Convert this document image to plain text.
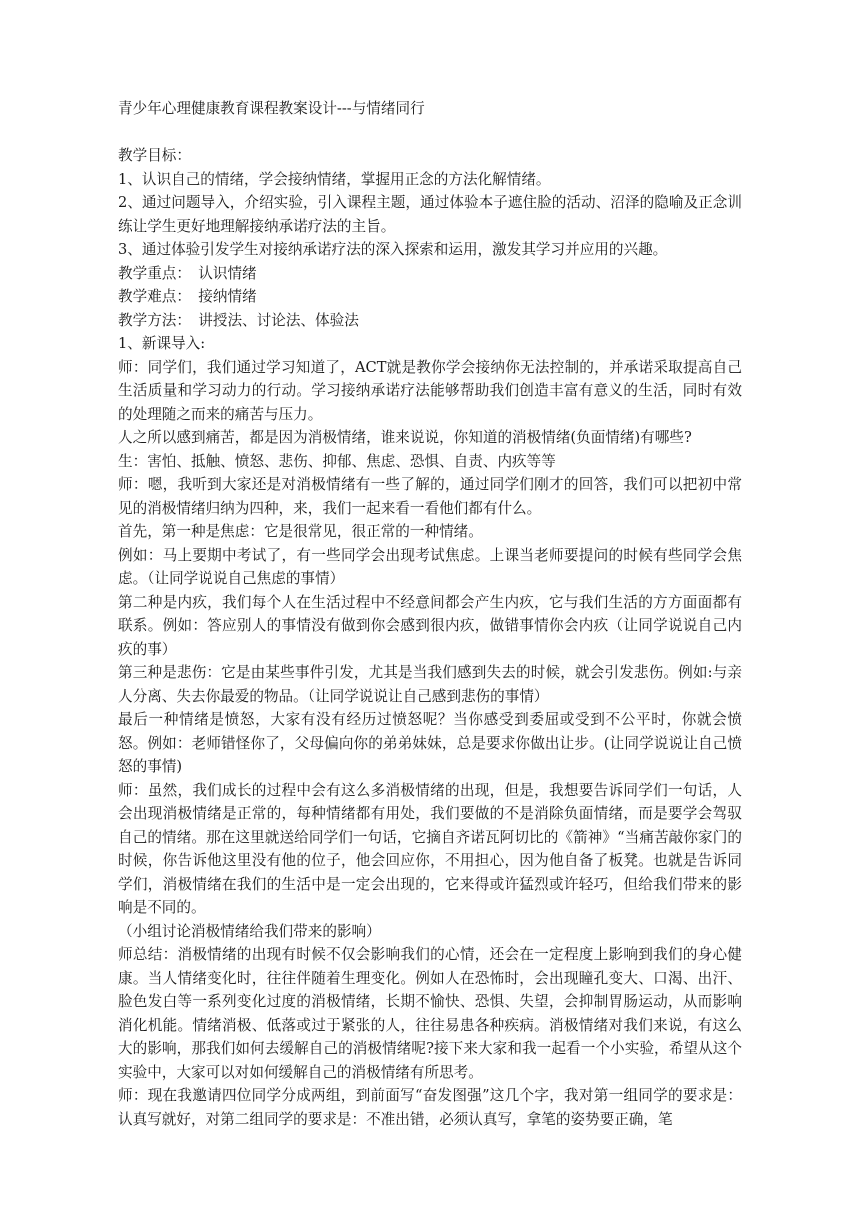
青少年心理健康教育课程教案设计---与情绪同行

教学目标：

1、认识自己的情绪，学会接纳情绪，掌握用正念的方法化解情绪。

2、通过问题导入，介绍实验，引入课程主题，通过体验本子遮住脸的活动、沼泽的隐喻及正念训练让学生更好地理解接纳承诺疗法的主旨。

3、通过体验引发学生对接纳承诺疗法的深入探索和运用，激发其学习并应用的兴趣。

教学重点：　认识情绪

教学难点：　接纳情绪

教学方法：　讲授法、讨论法、体验法

1、新课导入:

师：同学们，我们通过学习知道了，ACT就是教你学会接纳你无法控制的，并承诺采取提高自己生活质量和学习动力的行动。学习接纳承诺疗法能够帮助我们创造丰富有意义的生活，同时有效的处理随之而来的痛苦与压力。

人之所以感到痛苦，都是因为消极情绪，谁来说说，你知道的消极情绪(负面情绪)有哪些?

生：害怕、抵触、愤怒、悲伤、抑郁、焦虑、恐惧、自责、内疚等等

师：嗯，我听到大家还是对消极情绪有一些了解的，通过同学们刚才的回答，我们可以把初中常见的消极情绪归纳为四种，来，我们一起来看一看他们都有什么。

首先，第一种是焦虑：它是很常见，很正常的一种情绪。

例如：马上要期中考试了，有一些同学会出现考试焦虑。上课当老师要提问的时候有些同学会焦虑。（让同学说说自己焦虑的事情）

第二种是内疚，我们每个人在生活过程中不经意间都会产生内疚，它与我们生活的方方面面都有联系。例如：答应别人的事情没有做到你会感到很内疚，做错事情你会内疚（让同学说说自己内疚的事）

第三种是悲伤：它是由某些事件引发，尤其是当我们感到失去的时候，就会引发悲伤。例如:与亲人分离、失去你最爱的物品。（让同学说说让自己感到悲伤的事情）

最后一种情绪是愤怒，大家有没有经历过愤怒呢？当你感受到委屈或受到不公平时，你就会愤怒。例如：老师错怪你了，父母偏向你的弟弟妹妹，总是要求你做出让步。(让同学说说让自己愤怒的事情)

师：虽然，我们成长的过程中会有这么多消极情绪的出现，但是，我想要告诉同学们一句话，人会出现消极情绪是正常的，每种情绪都有用处，我们要做的不是消除负面情绪，而是要学会驾驭自己的情绪。那在这里就送给同学们一句话，它摘自齐诺瓦阿切比的《箭神》“当痛苦敲你家门的时候，你告诉他这里没有他的位子，他会回应你，不用担心，因为他自备了板凳。也就是告诉同学们，消极情绪在我们的生活中是一定会出现的，它来得或许猛烈或许轻巧，但给我们带来的影响是不同的。

（小组讨论消极情绪给我们带来的影响）

师总结：消极情绪的出现有时候不仅会影响我们的心情，还会在一定程度上影响到我们的身心健康。当人情绪变化时，往往伴随着生理变化。例如人在恐怖时，会出现瞳孔变大、口渴、出汗、脸色发白等一系列变化过度的消极情绪，长期不愉快、恐惧、失望，会抑制胃肠运动，从而影响消化机能。情绪消极、低落或过于紧张的人，往往易患各种疾病。消极情绪对我们来说，有这么大的影响，那我们如何去缓解自己的消极情绪呢?接下来大家和我一起看一个小实验，希望从这个实验中，大家可以对如何缓解自己的消极情绪有所思考。

师：现在我邀请四位同学分成两组，到前面写“奋发图强”这几个字，我对第一组同学的要求是：认真写就好，对第二组同学的要求是：不准出错，必须认真写，拿笔的姿势要正确，笔
